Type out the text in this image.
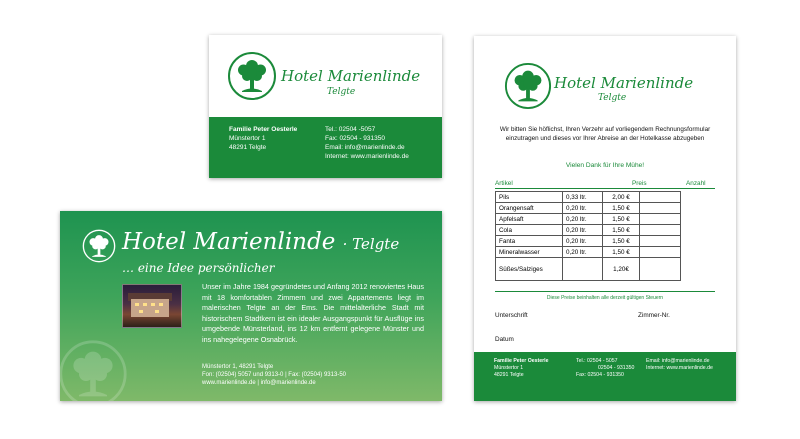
Hotel Marienlinde
Telgte
Familie Peter Oesterle
Münstertor 1
48291 Telgte
Tel.: 02504 -5057
Fax: 02504 - 931350
Email: info@marienlinde.de
Internet: www.marienlinde.de
Hotel Marienlinde · Telgte
… eine Idee persönlicher
Unser im Jahre 1984 gegründetes und Anfang 2012 renoviertes Haus mit 18 komfortablen Zimmern und zwei Appartements liegt im malerischen Telgte an der Ems. Die mittelalterliche Stadt mit historischem Stadtkern ist ein idealer Ausgangspunkt für Ausflüge ins umgebende Münsterland, ins 12 km entfernt gelegene Münster und ins nahegelegene Osnabrück.
Münstertor 1, 48291 Telgte
Fon: (02504) 5057 und 9313-0 | Fax: (02504) 9313-50
www.marienlinde.de | info@marienlinde.de
Hotel Marienlinde
Telgte
Wir bitten Sie höflichst, Ihren Verzehr auf vorliegendem Rechnungsformular einzutragen und dieses vor Ihrer Abreise an der Hotelkasse abzugeben
Vielen Dank für Ihre Mühe!
Artikel	Preis	Anzahl
Pils	0,33 ltr.	2,00 €	
Orangensaft	0,20 ltr.	1,50 €	
Apfelsaft	0,20 ltr.	1,50 €	
Cola	0,20 ltr.	1,50 €	
Fanta	0,20 ltr.	1,50 €	
Mineralwasser	0,20 ltr.	1,50 €	
Süßes/Salziges		1,20€	
Diese Preise beinhalten alle derzeit gültigen Steuern
Unterschrift	Zimmer-Nr.
Datum
Familie Peter Oesterle
Münstertor 1
48291 Telgte
Tel.: 02504 - 5057
02504 - 931350
Fax: 02504 - 931350
Email: info@marienlinde.de
Internet: www.marienlinde.de
